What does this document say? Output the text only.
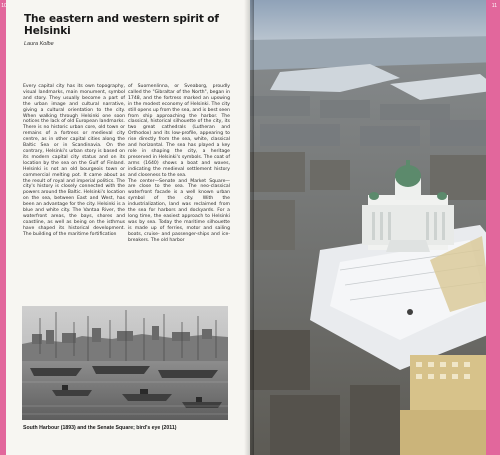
10
The eastern and western spirit of Helsinki
Laura Kolbe

Every capital city has its own topography, visual landmarks, main monument, symbol and story. They usually become a part of the urban image and cultural narrative, giving a cultural orientation to the city. When walking through Helsinki one soon notices the lack of old European landmarks. There is no historic urban core, old town or remains of a fortress or medieval city centre, as in other capital cities along the Baltic Sea or in Scandinavia. On the contrary, Helsinki's urban story is based on its modern capital city status and on its location by the sea on the Gulf of Finland. Helsinki is not an old bourgeois town or commercial melting pot. It came about as the result of royal and imperial politics. The city's history is closely connected with the powers around the Baltic. Helsinki's location on the sea, between East and West, has been an advantage for the city. Helsinki is a blue and white city. The Vantaa River, the waterfront areas, the bays, shores and coastline, as well as being on the isthmus have shaped its historical development. The building of the maritime fortification

of Suomenlinna, or Sveaborg, proudly called the "Gibraltar of the North", began in 1748, and the fortress marked an upswing in the modest economy of Helsinki. The city still opens up from the sea, and is best seen from ship approaching the harbor. The classical, historical silhouette of the city, its two great cathedrals (Lutheran and Orthodox) and its low-profile, appearing to rise directly from the sea, white, classical and horizontal. The sea has played a key role in shaping the city, a heritage preserved in Helsinki's symbols. The coat of arms (1640) shows a boat and waves, indicating the medieval settlement history and closeness to the sea.

The center—Senate and Market Square—are close to the sea. The neo-classical waterfront facade is a well known urban symbol of the city. With the industrialization, land was reclaimed from the sea for harbors and dockyards. For a long time, the easiest approach to Helsinki was by sea. Today the maritime silhouette is made up of ferries, motor and sailing boats, cruise- and passenger-ships and ice-breakers. The old harbor

South Harbour (1893) and the Senate Square; bird's eye (2011)
11
